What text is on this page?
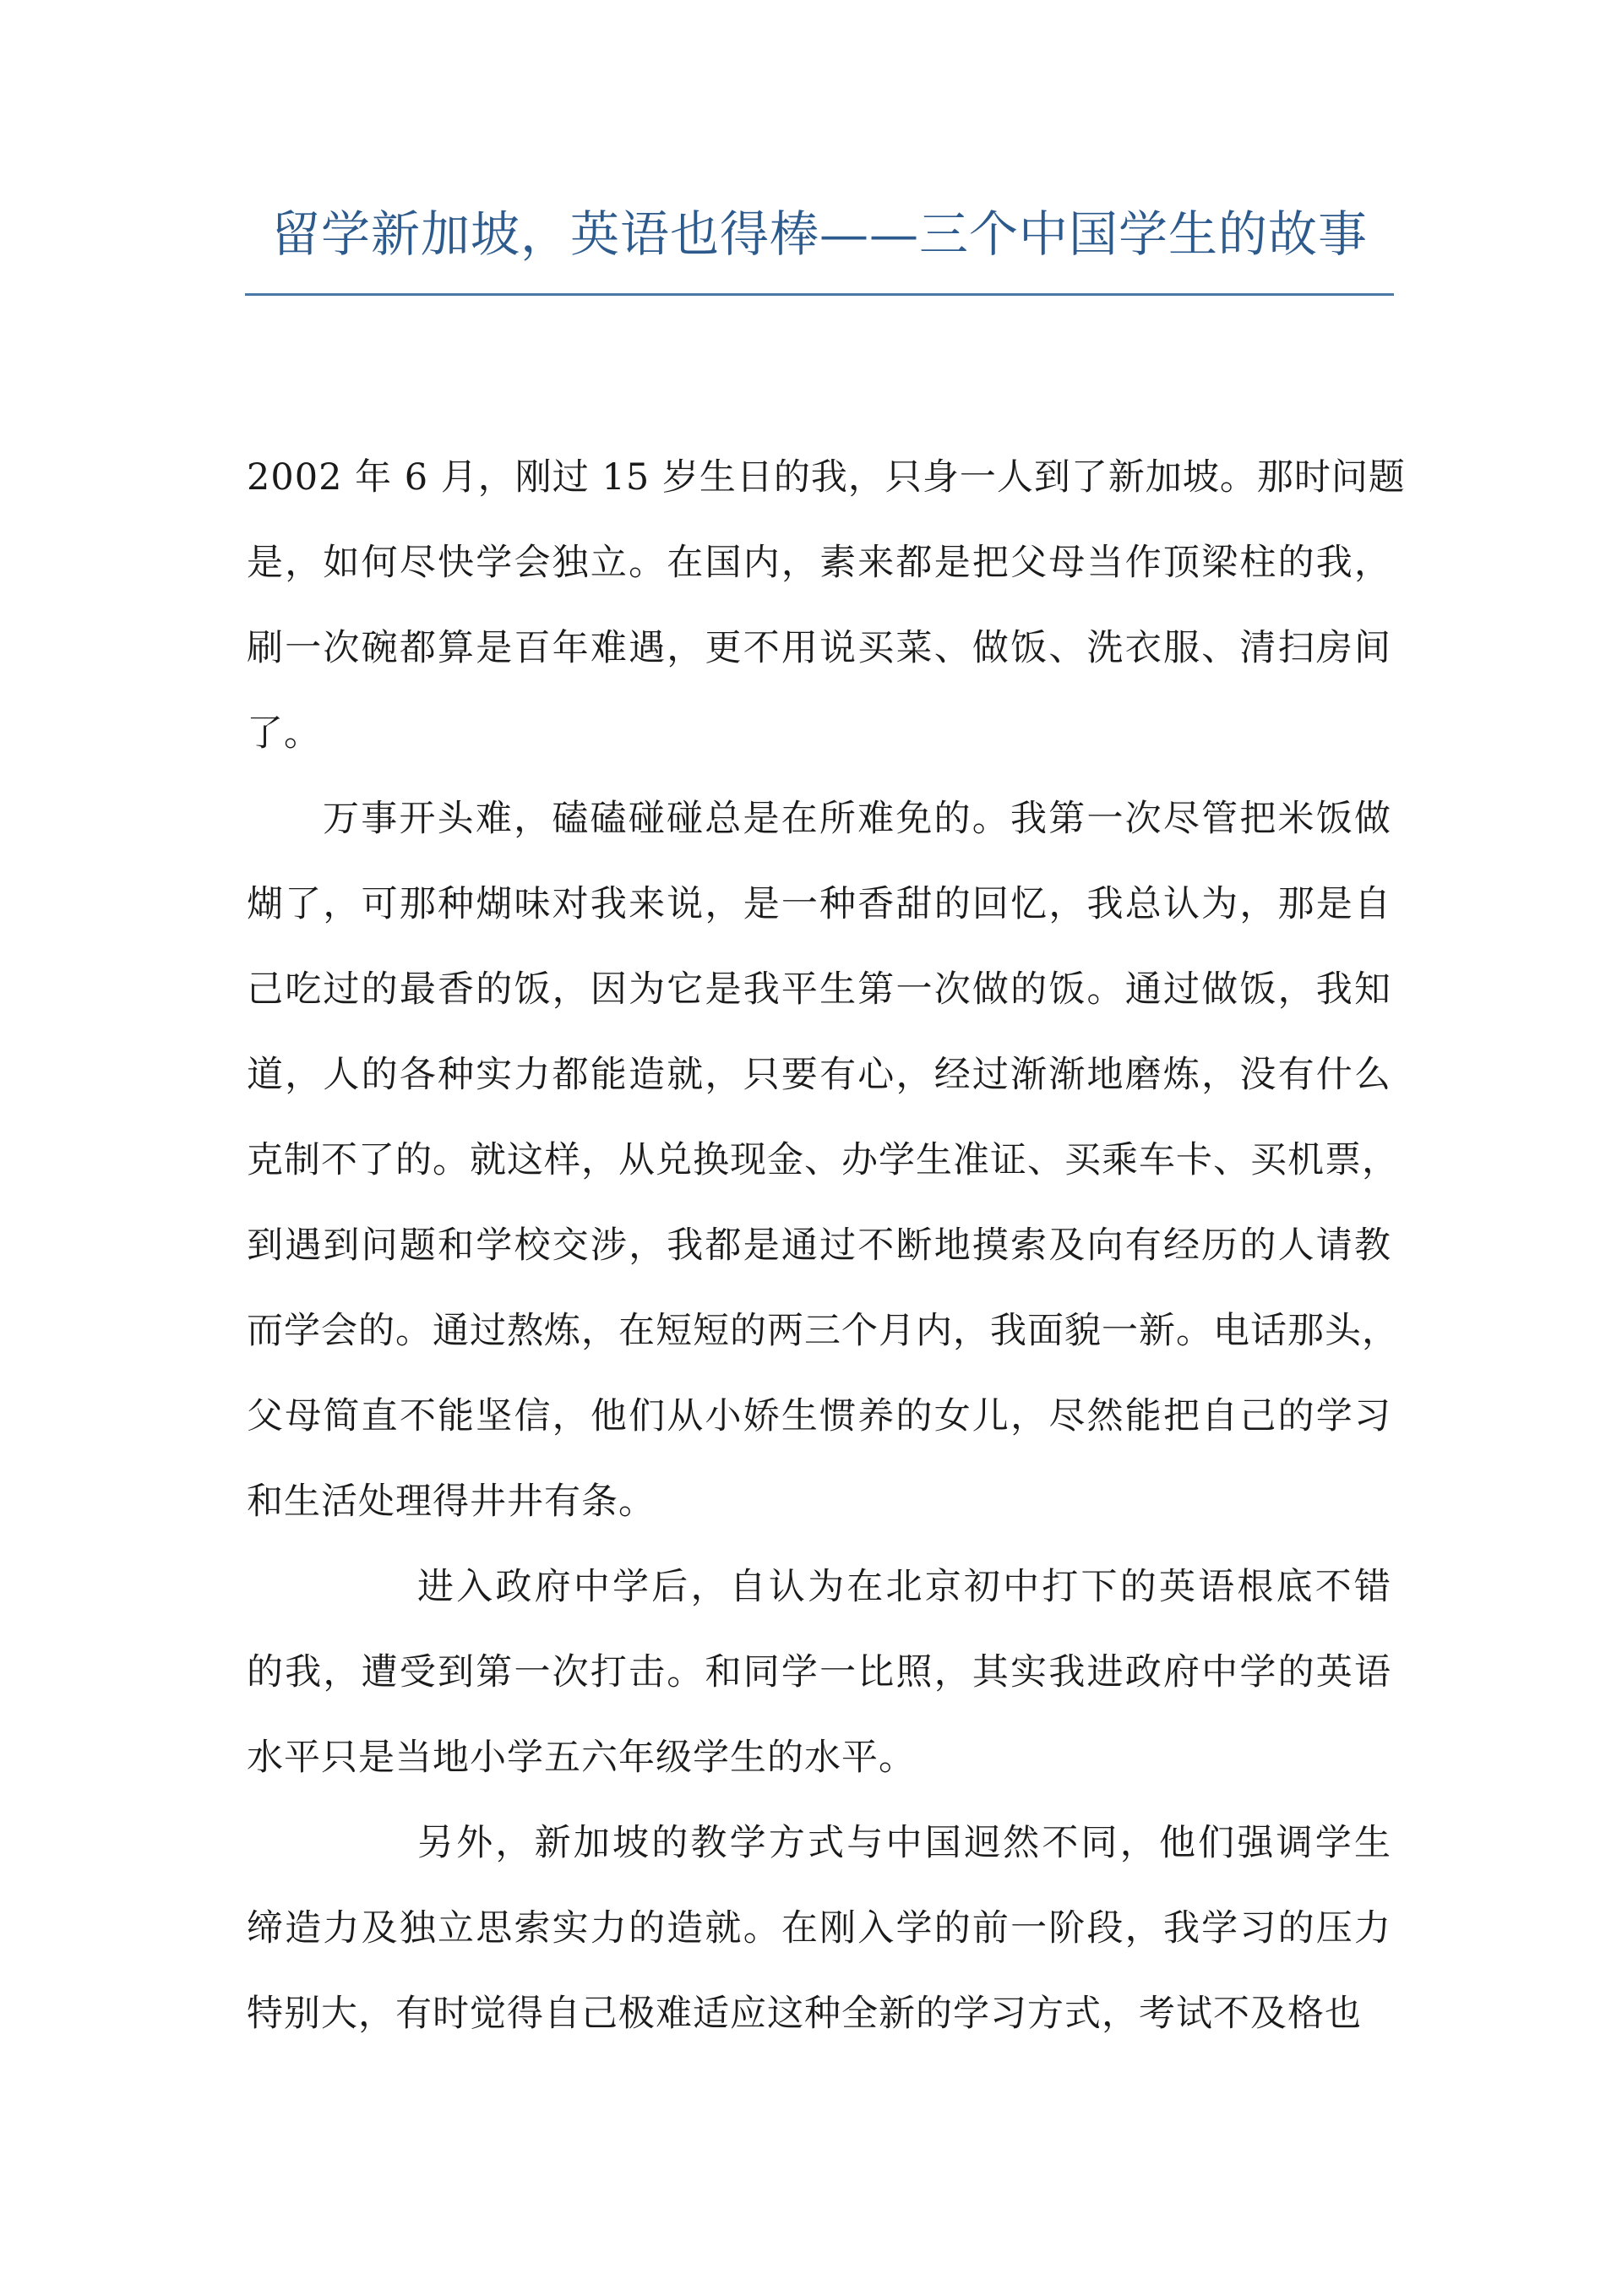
留学新加坡，英语也得棒——三个中国学生的故事
2002 年 6 月，刚过 15 岁生日的我，只身一人到了新加坡。那时问题
是，如何尽快学会独立。在国内，素来都是把父母当作顶梁柱的我，
刷一次碗都算是百年难遇，更不用说买菜、做饭、洗衣服、清扫房间
了。
万事开头难，磕磕碰碰总是在所难免的。我第一次尽管把米饭做
煳了，可那种煳味对我来说，是一种香甜的回忆，我总认为，那是自
己吃过的最香的饭，因为它是我平生第一次做的饭。通过做饭，我知
道，人的各种实力都能造就，只要有心，经过渐渐地磨炼，没有什么
克制不了的。就这样，从兑换现金、办学生准证、买乘车卡、买机票，
到遇到问题和学校交涉，我都是通过不断地摸索及向有经历的人请教
而学会的。通过熬炼，在短短的两三个月内，我面貌一新。电话那头，
父母简直不能坚信，他们从小娇生惯养的女儿，尽然能把自己的学习
和生活处理得井井有条。
进入政府中学后，自认为在北京初中打下的英语根底不错
的我，遭受到第一次打击。和同学一比照，其实我进政府中学的英语
水平只是当地小学五六年级学生的水平。
另外，新加坡的教学方式与中国迥然不同，他们强调学生
缔造力及独立思索实力的造就。在刚入学的前一阶段，我学习的压力
特别大，有时觉得自己极难适应这种全新的学习方式，考试不及格也
